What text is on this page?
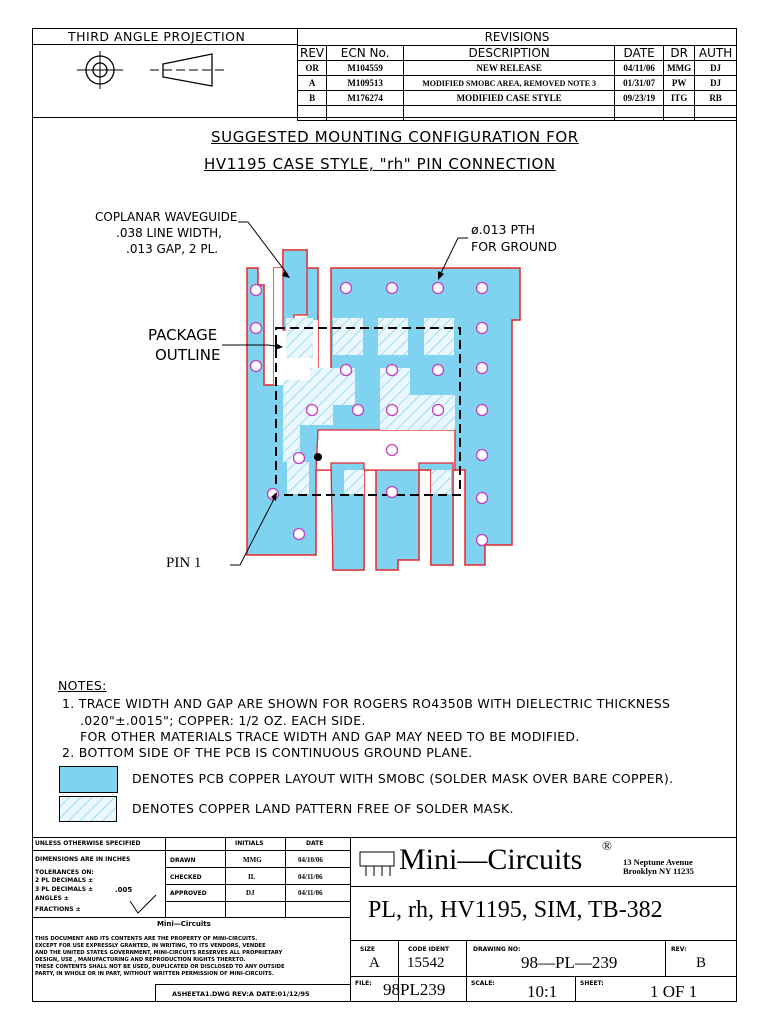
THIRD ANGLE PROJECTION	REVISIONS					
REV	ECN No.	DESCRIPTION	DATE	DR	AUTH
OR	M104559	NEW RELEASE	04/11/06	MMG	DJ
A	M109513	MODIFIED SMOBC AREA, REMOVED NOTE 3	01/31/07	PW	DJ
B	M176274	MODIFIED CASE STYLE	09/23/19	ITG	RB

SUGGESTED MOUNTING CONFIGURATION FOR
HV1195 CASE STYLE, "rh" PIN CONNECTION
COPLANAR WAVEGUIDE
.038 LINE WIDTH,
.013 GAP, 2 PL.
ø.013 PTH
FOR GROUND
PACKAGE
OUTLINE
PIN 1
NOTES:
1. TRACE WIDTH AND GAP ARE SHOWN FOR ROGERS RO4350B WITH DIELECTRIC THICKNESS
.020"±.0015"; COPPER: 1/2 OZ. EACH SIDE.
FOR OTHER MATERIALS TRACE WIDTH AND GAP MAY NEED TO BE MODIFIED.
2. BOTTOM SIDE OF THE PCB IS CONTINUOUS GROUND PLANE.
DENOTES PCB COPPER LAYOUT WITH SMOBC (SOLDER MASK OVER BARE COPPER).
DENOTES COPPER LAND PATTERN FREE OF SOLDER MASK.
UNLESS OTHERWISE SPECIFIED	INITIALS	DATE
DIMENSIONS ARE IN INCHES
TOLERANCES ON:
2 PL DECIMALS ±
3 PL DECIMALS ±	.005
ANGLES ±
FRACTIONS ±
DRAWN	MMG	04/10/06
CHECKED	IL	04/11/06
APPROVED	DJ	04/11/06
Mini—Circuits
THIS DOCUMENT AND ITS CONTENTS ARE THE PROPERTY OF MINI-CIRCUITS.
EXCEPT FOR USE EXPRESSLY GRANTED, IN WRITING, TO ITS VENDORS, VENDEE
AND THE UNITED STATES GOVERNMENT, MINI-CIRCUITS RESERVES ALL PROPRIETARY
DESIGN, USE , MANUFACTURING AND REPRODUCTION RIGHTS THERETO.
THESE CONTENTS SHALL NOT BE USED, DUPLICATED OR DISCLOSED TO ANY OUTSIDE
PARTY, IN WHOLE OR IN PART, WITHOUT WRITTEN PERMISSION OF MINI-CIRCUITS.
ASHEETA1.DWG REV:A DATE:01/12/95
Mini—Circuits ®
13 Neptune Avenue
Brooklyn NY 11235
PL, rh, HV1195, SIM, TB-382
SIZE
A
CODE IDENT
15542
DRAWING NO:
98—PL—239
REV:
B
FILE: 98PL239	SCALE: 10:1	SHEET:	1 OF 1
